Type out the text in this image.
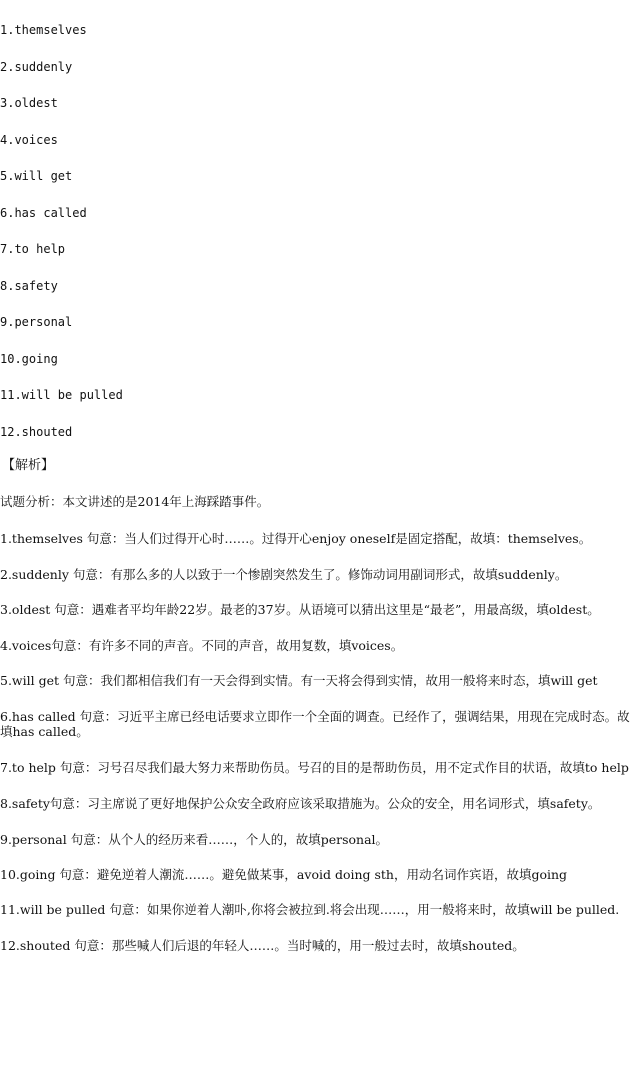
1.themselves
2.suddenly
3.oldest
4.voices
5.will get
6.has called
7.to help
8.safety
9.personal
10.going
11.will be pulled
12.shouted
【解析】
试题分析：本文讲述的是2014年上海踩踏事件。
1.themselves 句意：当人们过得开心时……。过得开心enjoy oneself是固定搭配，故填：themselves。
2.suddenly 句意：有那么多的人以致于一个惨剧突然发生了。修饰动词用副词形式，故填suddenly。
3.oldest 句意：遇难者平均年龄22岁。最老的37岁。从语境可以猜出这里是“最老”，用最高级，填oldest。
4.voices句意：有许多不同的声音。不同的声音，故用复数，填voices。
5.will get 句意：我们都相信我们有一天会得到实情。有一天将会得到实情，故用一般将来时态，填will get
6.has called 句意：习近平主席已经电话要求立即作一个全面的调查。已经作了，强调结果，用现在完成时态。故填has called。
7.to help 句意：习号召尽我们最大努力来帮助伤员。号召的目的是帮助伤员，用不定式作目的状语，故填to help
8.safety句意：习主席说了更好地保护公众安全政府应该采取措施为。公众的安全，用名词形式，填safety。
9.personal 句意：从个人的经历来看……，个人的，故填personal。
10.going 句意：避免逆着人潮流……。避免做某事，avoid doing sth，用动名词作宾语，故填going
11.will be pulled 句意：如果你逆着人潮卟,你将会被拉到.将会出现……，用一般将来时，故填will be pulled.
12.shouted 句意：那些喊人们后退的年轻人……。当时喊的，用一般过去时，故填shouted。
